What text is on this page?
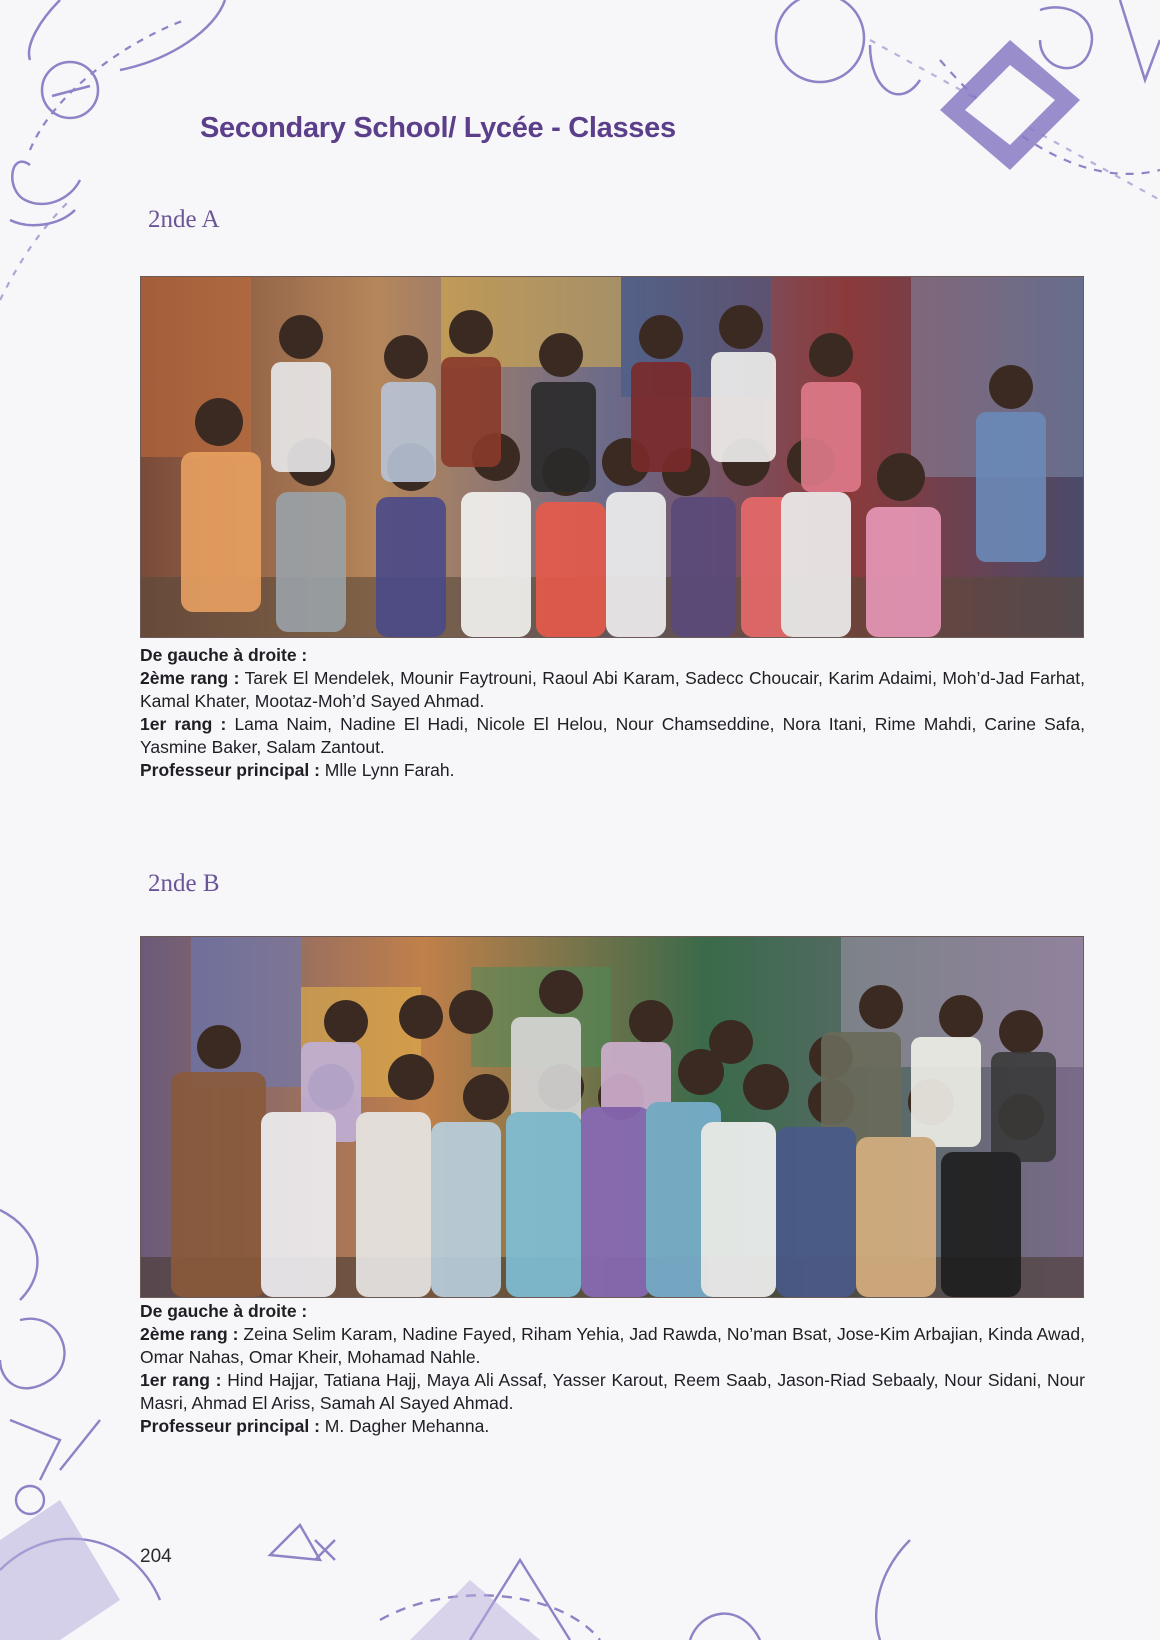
Secondary School/ Lycée - Classes
2nde A

De gauche à droite :

2ème rang : Tarek El Mendelek, Mounir Faytrouni, Raoul Abi Karam, Sadecc Choucair, Karim Adaimi, Moh’d-Jad Farhat, Kamal Khater, Mootaz-Moh’d Sayed Ahmad.

1er rang : Lama Naim, Nadine El Hadi, Nicole El Helou, Nour Chamseddine, Nora Itani, Rime Mahdi, Carine Safa, Yasmine Baker, Salam Zantout.

Professeur principal : Mlle Lynn Farah.

2nde B

De gauche à droite :

2ème rang : Zeina Selim Karam, Nadine Fayed, Riham Yehia, Jad Rawda, No’man Bsat, Jose-Kim Arbajian, Kinda Awad, Omar Nahas, Omar Kheir, Mohamad Nahle.

1er rang : Hind Hajjar, Tatiana Hajj, Maya Ali Assaf, Yasser Karout, Reem Saab, Jason-Riad Sebaaly, Nour Sidani, Nour Masri, Ahmad El Ariss, Samah Al Sayed Ahmad.

Professeur principal : M. Dagher Mehanna.

204
